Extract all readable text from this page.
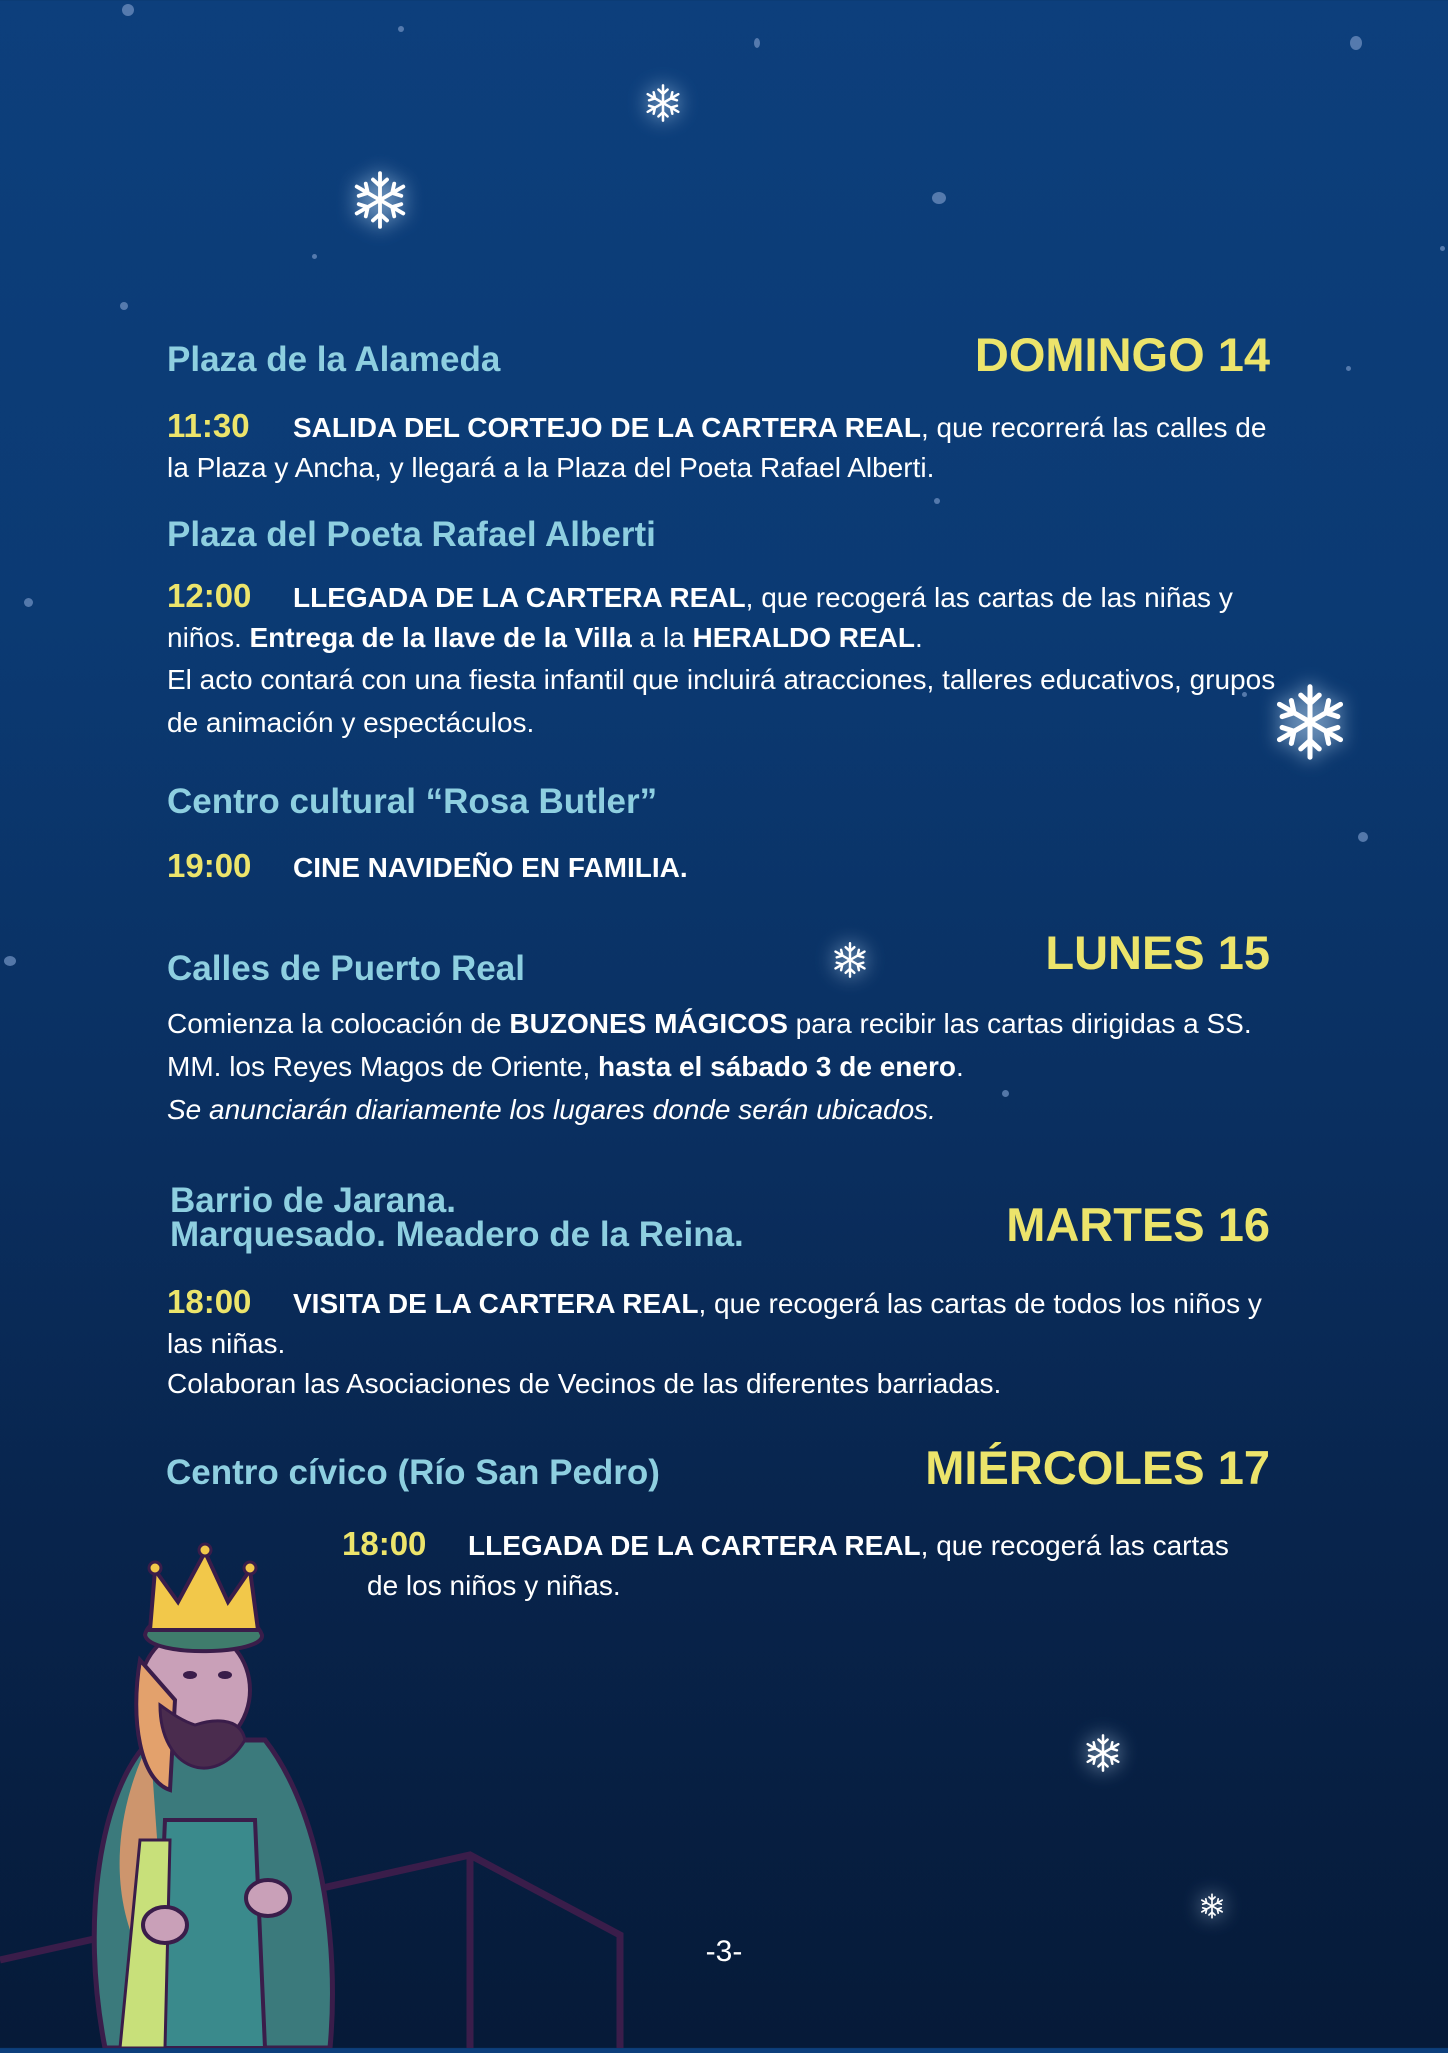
DOMINGO 14
Plaza de la Alameda
11:30 SALIDA DEL CORTEJO DE LA CARTERA REAL, que recorrerá las calles de la Plaza y Ancha, y llegará a la Plaza del Poeta Rafael Alberti.
Plaza del Poeta Rafael Alberti
12:00 LLEGADA DE LA CARTERA REAL, que recogerá las cartas de las niñas y niños. Entrega de la llave de la Villa a la HERALDO REAL.
El acto contará con una fiesta infantil que incluirá atracciones, talleres educativos, grupos de animación y espectáculos.
Centro cultural “Rosa Butler”
19:00 CINE NAVIDEÑO EN FAMILIA.
LUNES 15
Calles de Puerto Real
Comienza la colocación de BUZONES MÁGICOS para recibir las cartas dirigidas a SS. MM. los Reyes Magos de Oriente, hasta el sábado 3 de enero.
Se anunciarán diariamente los lugares donde serán ubicados.
MARTES 16
Barrio de Jarana.
Marquesado. Meadero de la Reina.
18:00 VISITA DE LA CARTERA REAL, que recogerá las cartas de todos los niños y las niñas.
Colaboran las Asociaciones de Vecinos de las diferentes barriadas.
MIÉRCOLES 17
Centro cívico (Río San Pedro)
18:00 LLEGADA DE LA CARTERA REAL, que recogerá las cartas
de los niños y niñas.
-3-
